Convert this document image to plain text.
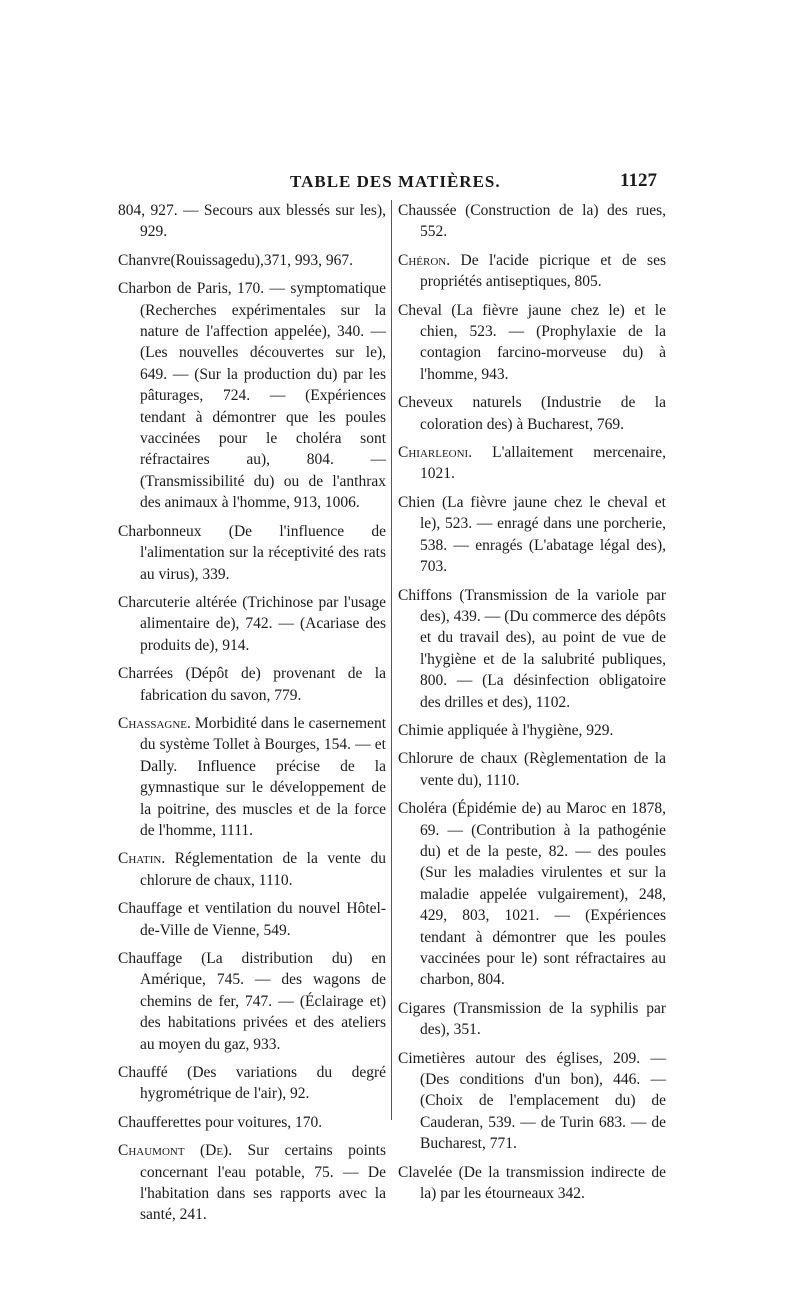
TABLE DES MATIÈRES.	1127

804, 927. — Secours aux blessés sur les), 929.

Chanvre(Rouissagedu),371, 993, 967.

Charbon de Paris, 170. — symptomatique (Recherches expérimentales sur la nature de l'affection appelée), 340. — (Les nouvelles découvertes sur le), 649. — (Sur la production du) par les pâturages, 724. — (Expériences tendant à démontrer que les poules vaccinées pour le choléra sont réfractaires au), 804. — (Transmissibilité du) ou de l'anthrax des animaux à l'homme, 913, 1006.

Charbonneux (De l'influence de l'alimentation sur la réceptivité des rats au virus), 339.

Charcuterie altérée (Trichinose par l'usage alimentaire de), 742. — (Acariase des produits de), 914.

Charrées (Dépôt de) provenant de la fabrication du savon, 779.

Chassagne. Morbidité dans le casernement du système Tollet à Bourges, 154. — et Dally. Influence précise de la gymnastique sur le développement de la poitrine, des muscles et de la force de l'homme, 1111.

Chatin. Réglementation de la vente du chlorure de chaux, 1110.

Chauffage et ventilation du nouvel Hôtel-de-Ville de Vienne, 549.

Chauffage (La distribution du) en Amérique, 745. — des wagons de chemins de fer, 747. — (Éclairage et) des habitations privées et des ateliers au moyen du gaz, 933.

Chauffé (Des variations du degré hygrométrique de l'air), 92.

Chaufferettes pour voitures, 170.

Chaumont (De). Sur certains points concernant l'eau potable, 75. — De l'habitation dans ses rapports avec la santé, 241.

Chaussée (Construction de la) des rues, 552.

Chéron. De l'acide picrique et de ses propriétés antiseptiques, 805.

Cheval (La fièvre jaune chez le) et le chien, 523. — (Prophylaxie de la contagion farcino-morveuse du) à l'homme, 943.

Cheveux naturels (Industrie de la coloration des) à Bucharest, 769.

Chiarleoni. L'allaitement mercenaire, 1021.

Chien (La fièvre jaune chez le cheval et le), 523. — enragé dans une porcherie, 538. — enragés (L'abatage légal des), 703.

Chiffons (Transmission de la variole par des), 439. — (Du commerce des dépôts et du travail des), au point de vue de l'hygiène et de la salubrité publiques, 800. — (La désinfection obligatoire des drilles et des), 1102.

Chimie appliquée à l'hygiène, 929.

Chlorure de chaux (Règlementation de la vente du), 1110.

Choléra (Épidémie de) au Maroc en 1878, 69. — (Contribution à la pathogénie du) et de la peste, 82. — des poules (Sur les maladies virulentes et sur la maladie appelée vulgairement), 248, 429, 803, 1021. — (Expériences tendant à démontrer que les poules vaccinées pour le) sont réfractaires au charbon, 804.

Cigares (Transmission de la syphilis par des), 351.

Cimetières autour des églises, 209. — (Des conditions d'un bon), 446. — (Choix de l'emplacement du) de Cauderan, 539. — de Turin 683. — de Bucharest, 771.

Clavelée (De la transmission indirecte de la) par les étourneaux 342.
